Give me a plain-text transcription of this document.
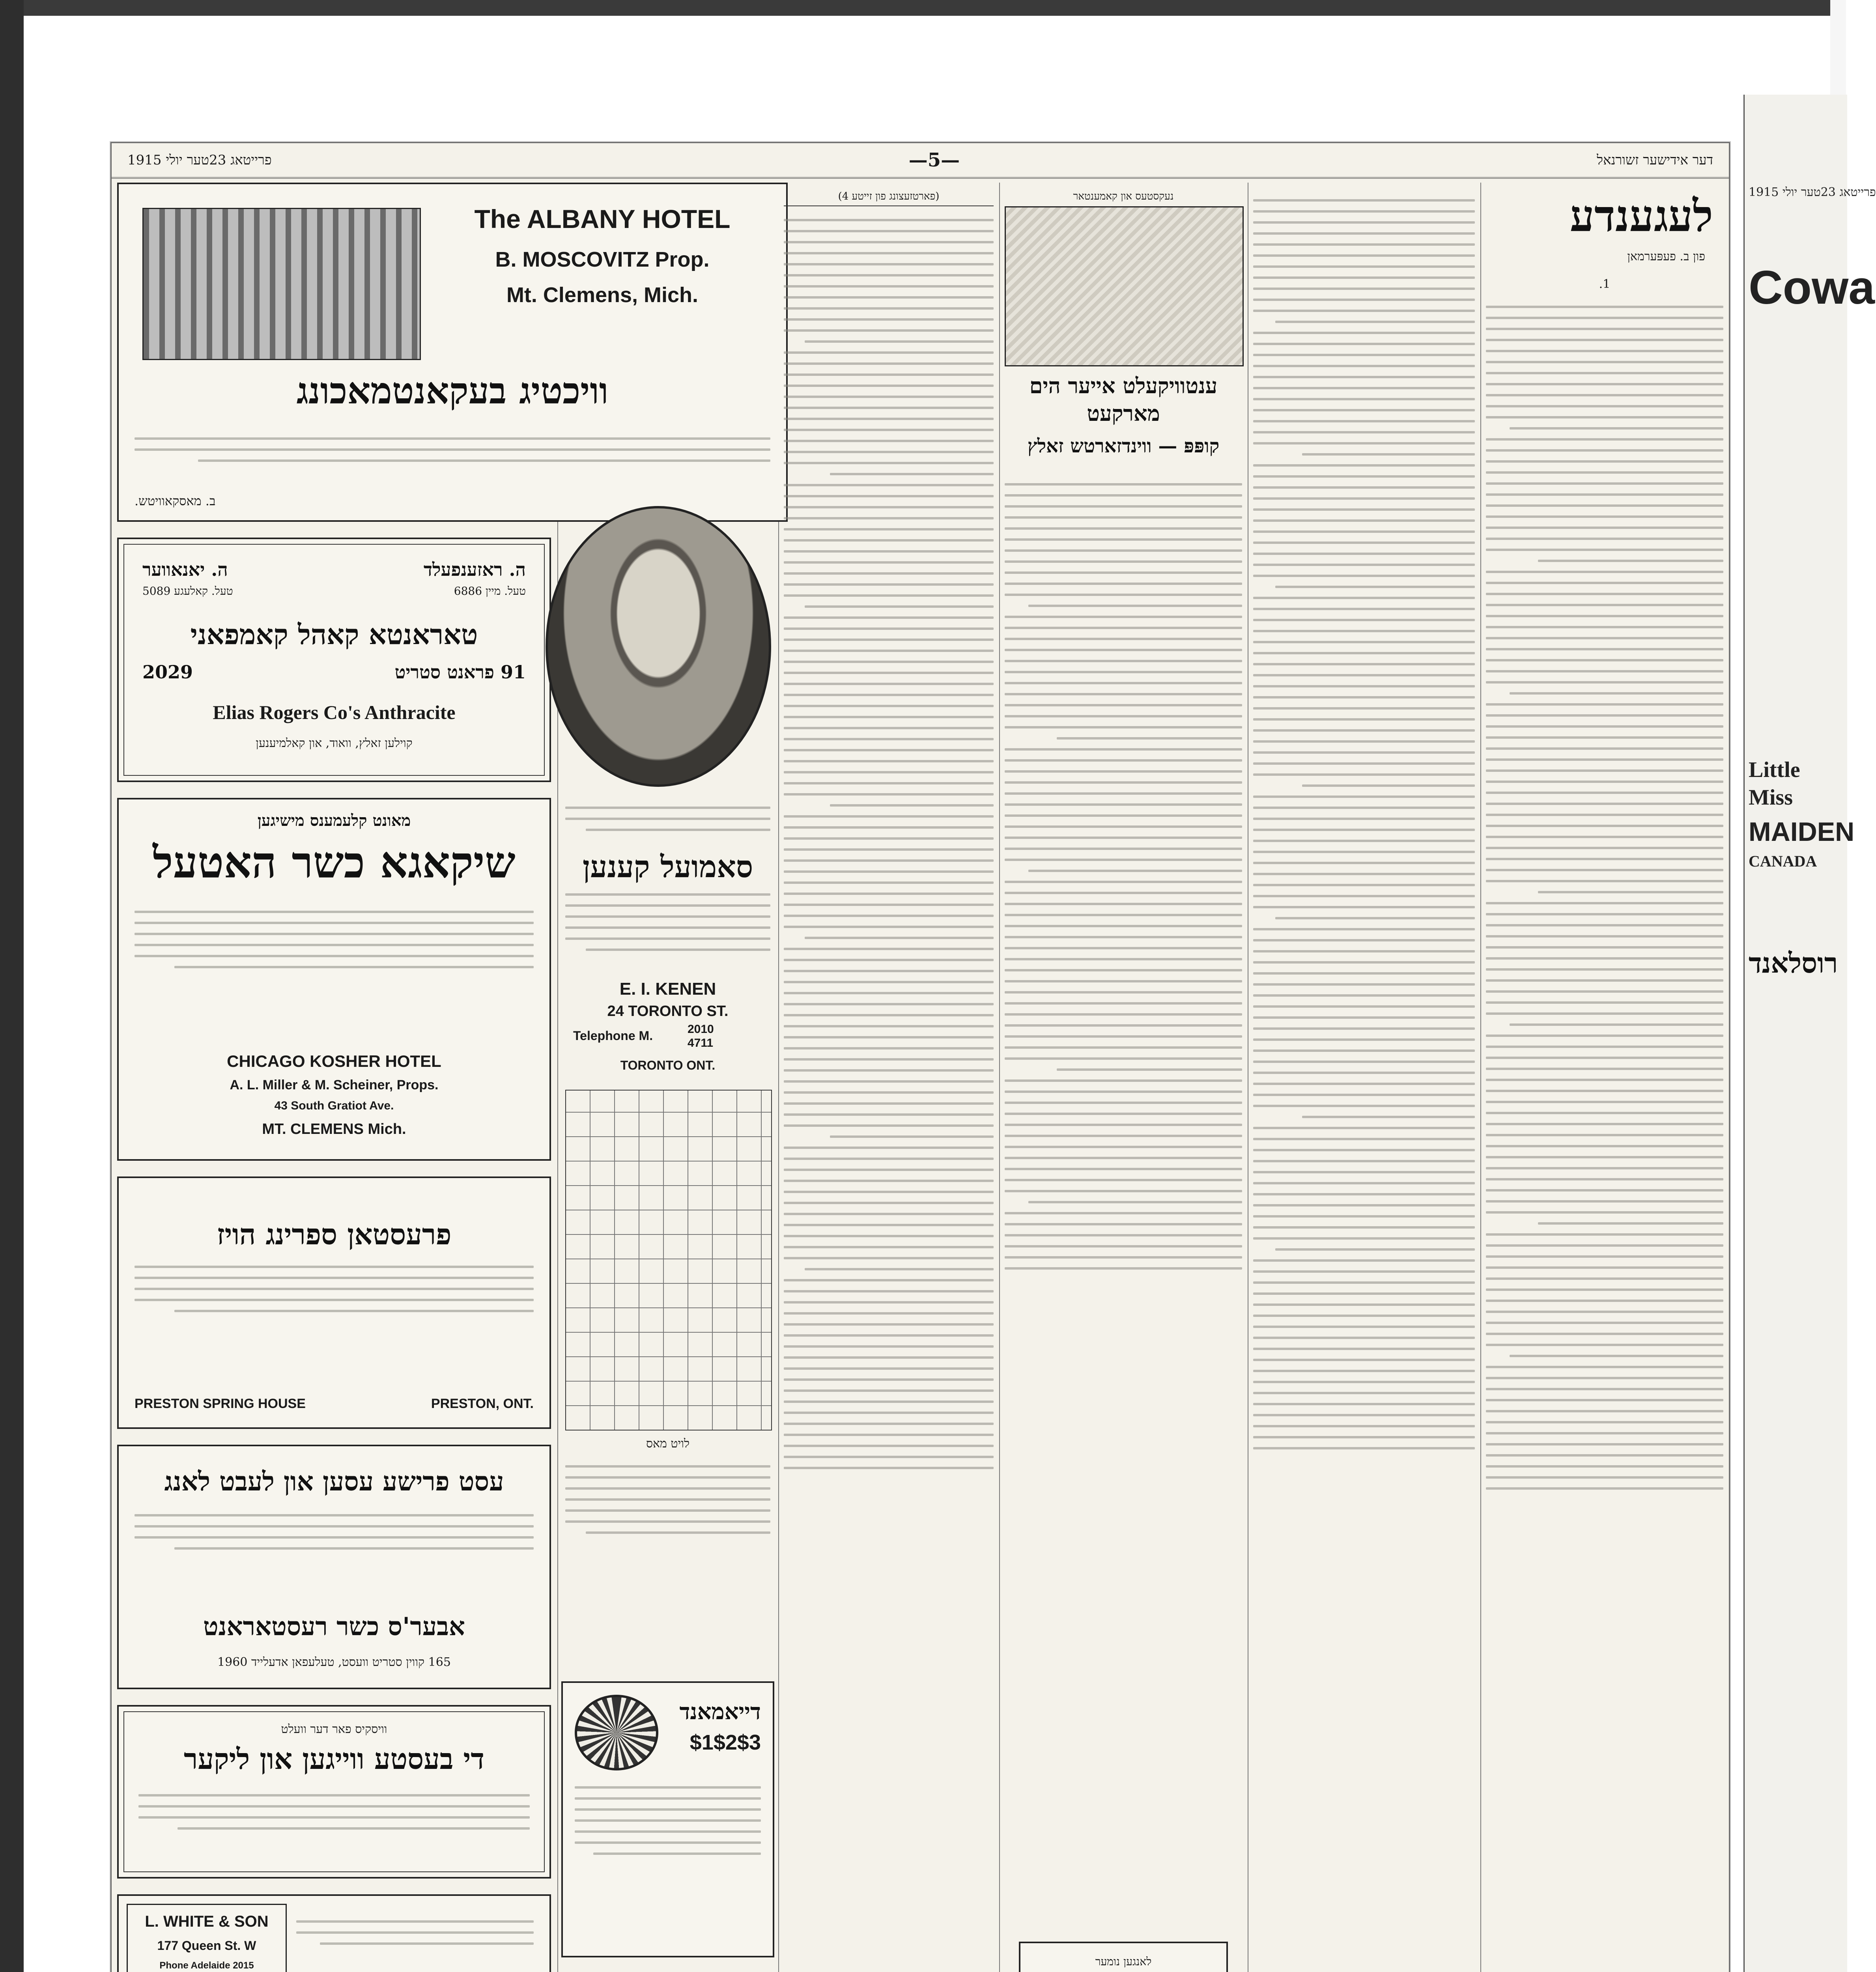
פרייטאג 23טער יולי 1915
Cowa
Little
Miss
MAIDEN
CANADA
רוסלאנד
דער אידישער זשורנאל
—5—
פרייטאג 23טער יולי 1915
The ALBANY HOTEL
B. MOSCOVITZ Prop.
Mt. Clemens, Mich.
וויכטיג בעקאנטמאכונג
ב. מאסקאוויטש.
ה. ראזענפעלד
ה. יאנאווער
טעל. מיין 6886
טעל. קאלעגע 5089
טאראנטא קאהל קאמפאני
91 פראנט סטריט
2029
Elias Rogers Co's Anthracite
קוילען זאלץ, וואוד, און קאלמיענען
מאונט קלעמענס מישיגען
שיקאגא כשר האטעל
CHICAGO KOSHER HOTEL
A. L. Miller & M. Scheiner, Props.
43 South Gratiot Ave.
MT. CLEMENS Mich.
פרעסטאן ספרינג הויז
PRESTON SPRING HOUSE	PRESTON, ONT.
עסט פרישע עסען און לעבט לאנג
אבער'ס כשר רעסטאראנט
165 קווין סטריט וועסט, טעלעפאן אדעלייד 1960
וויסקיס פאר דער וועלט
די בעסטע ווייגען און ליקער
L. WHITE & SON
177 Queen St. W
Phone Adelaide 2015
סאמועל קענען
E. I. KENEN
24 TORONTO ST.
Telephone M.	2010
4711
TORONTO ONT.
לויט מאס
דייאמאנד
$1$2$3
(פארטזעצונג פון זייטע 4)	נעקסטעס און קאמענטאר
ענטוויקעלט אייער הים מארקעט
קופּפּ — ווינדזארטש זאלץ
לאנגען נומער
לעגענדע
פון ב. פעפּערמאן
1.
